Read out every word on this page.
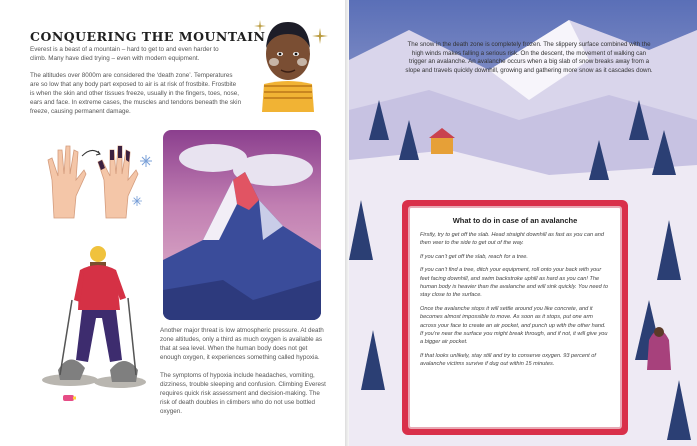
CONQUERING THE MOUNTAIN
Everest is a beast of a mountain – hard to get to and even harder to climb. Many have died trying – even with modern equipment.
The altitudes over 8000m are considered the ‘death zone’. Temperatures are so low that any body part exposed to air is at risk of frostbite. Frostbite is when the skin and other tissues freeze, usually in the fingers, toes, nose, ears and face. In extreme cases, the muscles and tendons beneath the skin freeze, causing permanent damage.
Another major threat is low atmospheric pressure. At death zone altitudes, only a third as much oxygen is available as that at sea level. When the human body does not get enough oxygen, it experiences something called hypoxia.
The symptoms of hypoxia include headaches, vomiting, dizziness, trouble sleeping and confusion. Climbing Everest requires quick risk assessment and decision-making. The risk of death doubles in climbers who do not use bottled oxygen.
The snow in the death zone is completely frozen. The slippery surface combined with the high winds makes falling a serious risk. On the descent, the movement of walking can trigger an avalanche. An avalanche occurs when a big slab of snow breaks away from a slope and travels quickly downhill, growing and gathering more snow as it cascades down.
What to do in case of an avalanche
Firstly, try to get off the slab. Head straight downhill as fast as you can and then veer to the side to get out of the way.
If you can’t get off the slab, reach for a tree.
If you can’t find a tree, ditch your equipment, roll onto your back with your feet facing downhill, and swim backstroke uphill as hard as you can! The human body is heavier than the avalanche and will sink quickly. You need to stay close to the surface.
Once the avalanche stops it will settle around you like concrete, and it becomes almost impossible to move. As soon as it stops, put one arm across your face to create an air pocket, and punch up with the other hand. If you’re near the surface you might break through, and if not, it will give you a bigger air pocket.
If that looks unlikely, stay still and try to conserve oxygen. 93 percent of avalanche victims survive if dug out within 15 minutes.
